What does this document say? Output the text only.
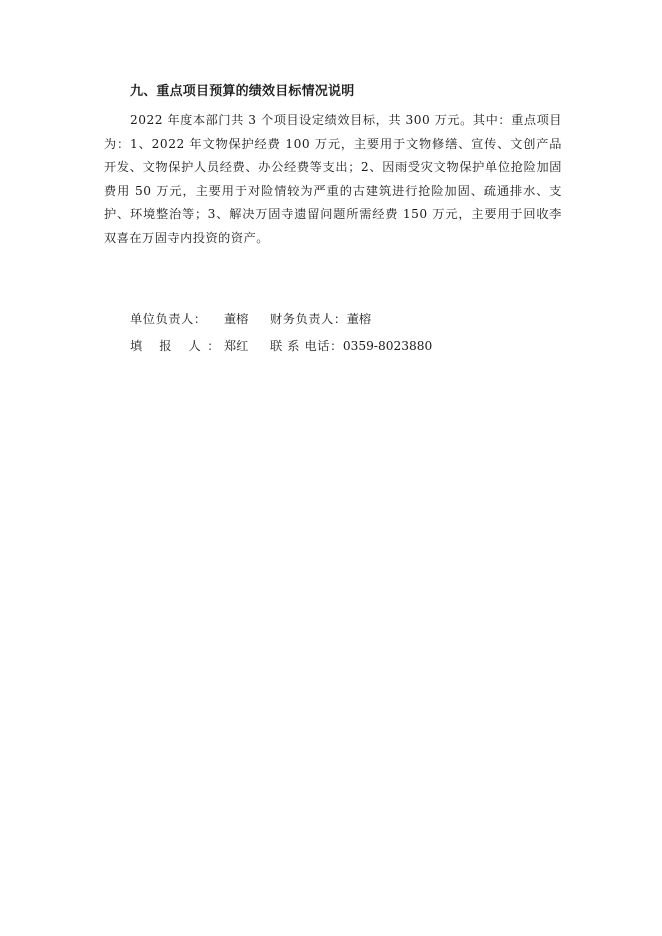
九、重点项目预算的绩效目标情况说明
2022 年度本部门共 3 个项目设定绩效目标，共 300 万元。其中：重点项目为：1、2022 年文物保护经费 100 万元，主要用于文物修缮、宣传、文创产品开发、文物保护人员经费、办公经费等支出；2、因雨受灾文物保护单位抢险加固费用 50 万元，主要用于对险情较为严重的古建筑进行抢险加固、疏通排水、支护、环境整治等；3、解决万固寺遗留问题所需经费 150 万元，主要用于回收李双喜在万固寺内投资的资产。
单位负责人： 董榕 财务负责人：董榕
填 报 人：郑红 联 系 电话：0359-8023880
